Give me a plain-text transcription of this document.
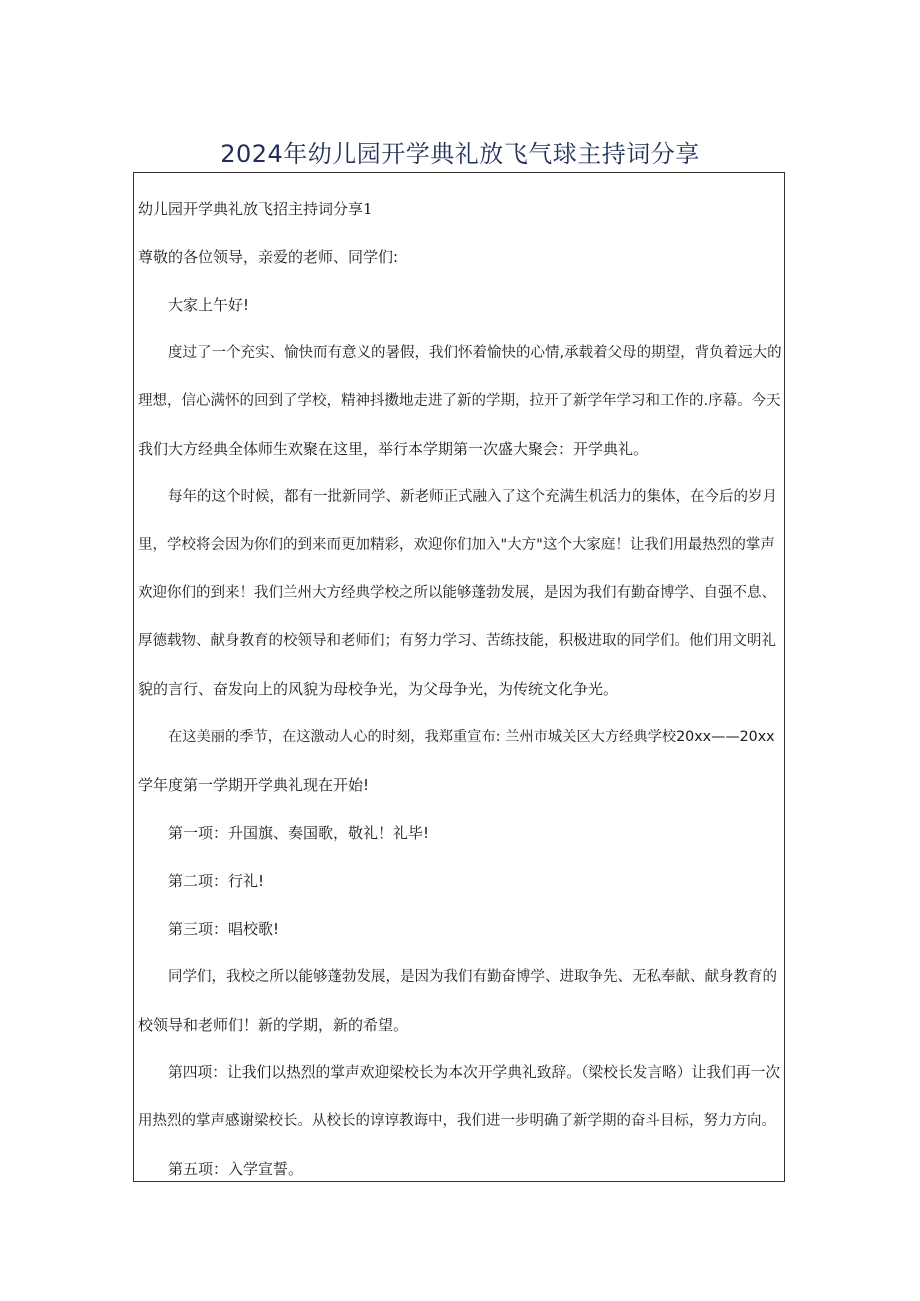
2024年幼儿园开学典礼放飞气球主持词分享

幼儿园开学典礼放飞招主持词分享1

尊敬的各位领导，亲爱的老师、同学们:

大家上午好!

度过了一个充实、愉快而有意义的暑假，我们怀着愉快的心情,承载着父母的期望，背负着远大的

理想，信心满怀的回到了学校，精神抖擞地走进了新的学期，拉开了新学年学习和工作的.序幕。今天

我们大方经典全体师生欢聚在这里，举行本学期第一次盛大聚会：开学典礼。

每年的这个时候，都有一批新同学、新老师正式融入了这个充满生机活力的集体，在今后的岁月

里，学校将会因为你们的到来而更加精彩，欢迎你们加入"大方"这个大家庭！让我们用最热烈的掌声

欢迎你们的到来！我们兰州大方经典学校之所以能够蓬勃发展，是因为我们有勤奋博学、自强不息、

厚德载物、献身教育的校领导和老师们；有努力学习、苦练技能，积极进取的同学们。他们用文明礼

貌的言行、奋发向上的风貌为母校争光，为父母争光，为传统文化争光。

在这美丽的季节，在这激动人心的时刻，我郑重宣布: 兰州市城关区大方经典学校20xx——20xx

学年度第一学期开学典礼现在开始!

第一项：升国旗、奏国歌，敬礼！礼毕!

第二项：行礼!

第三项：唱校歌!

同学们，我校之所以能够蓬勃发展，是因为我们有勤奋博学、进取争先、无私奉献、献身教育的

校领导和老师们！新的学期，新的希望。

第四项：让我们以热烈的掌声欢迎梁校长为本次开学典礼致辞。（梁校长发言略）让我们再一次

用热烈的掌声感谢梁校长。从校长的谆谆教诲中，我们进一步明确了新学期的奋斗目标，努力方向。

第五项：入学宣誓。
